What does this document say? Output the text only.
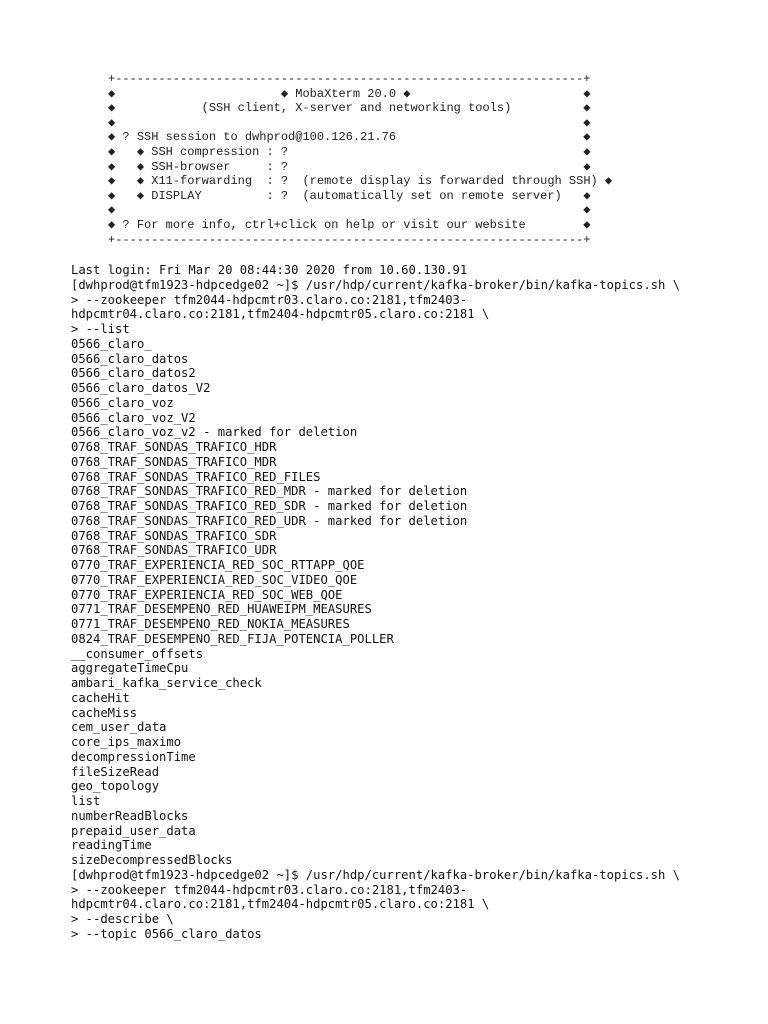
+-----------------------------------------------------------------+
◆                       ◆ MobaXterm 20.0 ◆                        ◆
◆            (SSH client, X-server and networking tools)          ◆
◆                                                                 ◆
◆ ? SSH session to dwhprod@100.126.21.76                          ◆
◆   ◆ SSH compression : ?                                         ◆
◆   ◆ SSH-browser     : ?                                         ◆
◆   ◆ X11-forwarding  : ?  (remote display is forwarded through SSH) ◆
◆   ◆ DISPLAY         : ?  (automatically set on remote server)   ◆
◆                                                                 ◆
◆ ? For more info, ctrl+click on help or visit our website        ◆
+-----------------------------------------------------------------+
Last login: Fri Mar 20 08:44:30 2020 from 10.60.130.91
[dwhprod@tfm1923-hdpcedge02 ~]$ /usr/hdp/current/kafka-broker/bin/kafka-topics.sh \
> --zookeeper tfm2044-hdpcmtr03.claro.co:2181,tfm2403-
hdpcmtr04.claro.co:2181,tfm2404-hdpcmtr05.claro.co:2181 \
> --list
0566_claro_
0566_claro_datos
0566_claro_datos2
0566_claro_datos_V2
0566_claro_voz
0566_claro_voz_V2
0566_claro_voz_v2 - marked for deletion
0768_TRAF_SONDAS_TRAFICO_HDR
0768_TRAF_SONDAS_TRAFICO_MDR
0768_TRAF_SONDAS_TRAFICO_RED_FILES
0768_TRAF_SONDAS_TRAFICO_RED_MDR - marked for deletion
0768_TRAF_SONDAS_TRAFICO_RED_SDR - marked for deletion
0768_TRAF_SONDAS_TRAFICO_RED_UDR - marked for deletion
0768_TRAF_SONDAS_TRAFICO_SDR
0768_TRAF_SONDAS_TRAFICO_UDR
0770_TRAF_EXPERIENCIA_RED_SOC_RTTAPP_QOE
0770_TRAF_EXPERIENCIA_RED_SOC_VIDEO_QOE
0770_TRAF_EXPERIENCIA_RED_SOC_WEB_QOE
0771_TRAF_DESEMPENO_RED_HUAWEIPM_MEASURES
0771_TRAF_DESEMPENO_RED_NOKIA_MEASURES
0824_TRAF_DESEMPENO_RED_FIJA_POTENCIA_POLLER
__consumer_offsets
aggregateTimeCpu
ambari_kafka_service_check
cacheHit
cacheMiss
cem_user_data
core_ips_maximo
decompressionTime
fileSizeRead
geo_topology
list
numberReadBlocks
prepaid_user_data
readingTime
sizeDecompressedBlocks
[dwhprod@tfm1923-hdpcedge02 ~]$ /usr/hdp/current/kafka-broker/bin/kafka-topics.sh \
> --zookeeper tfm2044-hdpcmtr03.claro.co:2181,tfm2403-
hdpcmtr04.claro.co:2181,tfm2404-hdpcmtr05.claro.co:2181 \
> --describe \
> --topic 0566_claro_datos
